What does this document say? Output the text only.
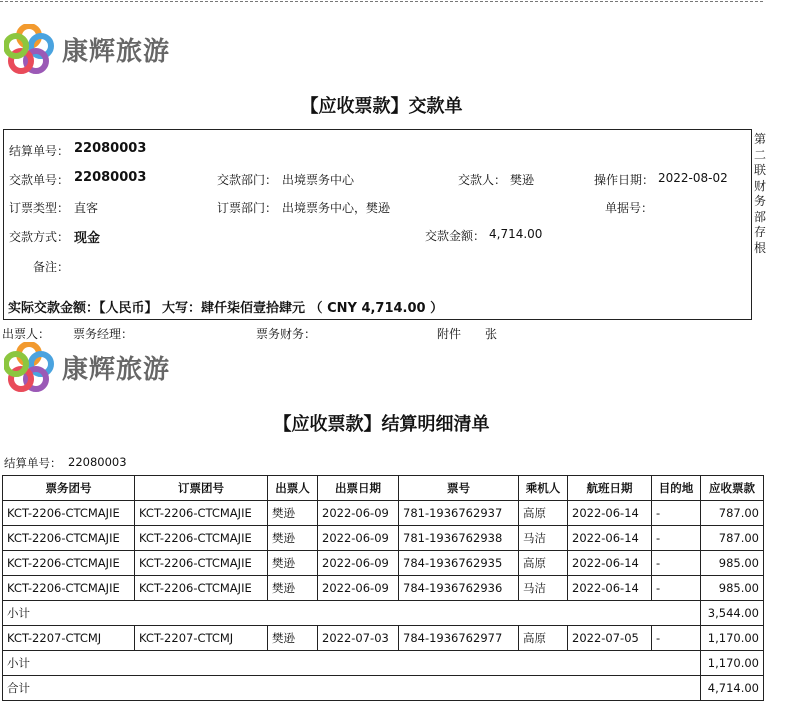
康辉旅游
【应收票款】交款单
结算单号： 22080003
交款单号： 22080003	交款部门： 出境票务中心	交款人： 樊逊	操作日期： 2022-08-02
订票类型： 直客	订票部门： 出境票务中心，樊逊	单据号：
交款方式： 现金	交款金额： 4,714.00
备注：
实际交款金额：【人民币】 大写：肆仟柒佰壹拾肆元 （ CNY 4,714.00 ）
第二联财务部存根
出票人： 票务经理：	票务财务：	附件 张
康辉旅游
【应收票款】结算明细清单
结算单号： 22080003
票务团号	订票团号	出票人	出票日期	票号	乘机人	航班日期	目的地	应收票款
KCT-2206-CTCMAJIE	KCT-2206-CTCMAJIE	樊逊	2022-06-09	781-1936762937	高原	2022-06-14	-	787.00
KCT-2206-CTCMAJIE	KCT-2206-CTCMAJIE	樊逊	2022-06-09	781-1936762938	马洁	2022-06-14	-	787.00
KCT-2206-CTCMAJIE	KCT-2206-CTCMAJIE	樊逊	2022-06-09	784-1936762935	高原	2022-06-14	-	985.00
KCT-2206-CTCMAJIE	KCT-2206-CTCMAJIE	樊逊	2022-06-09	784-1936762936	马洁	2022-06-14	-	985.00
小计								3,544.00
KCT-2207-CTCMJ	KCT-2207-CTCMJ	樊逊	2022-07-03	784-1936762977	高原	2022-07-05	-	1,170.00
小计								1,170.00
合计								4,714.00
